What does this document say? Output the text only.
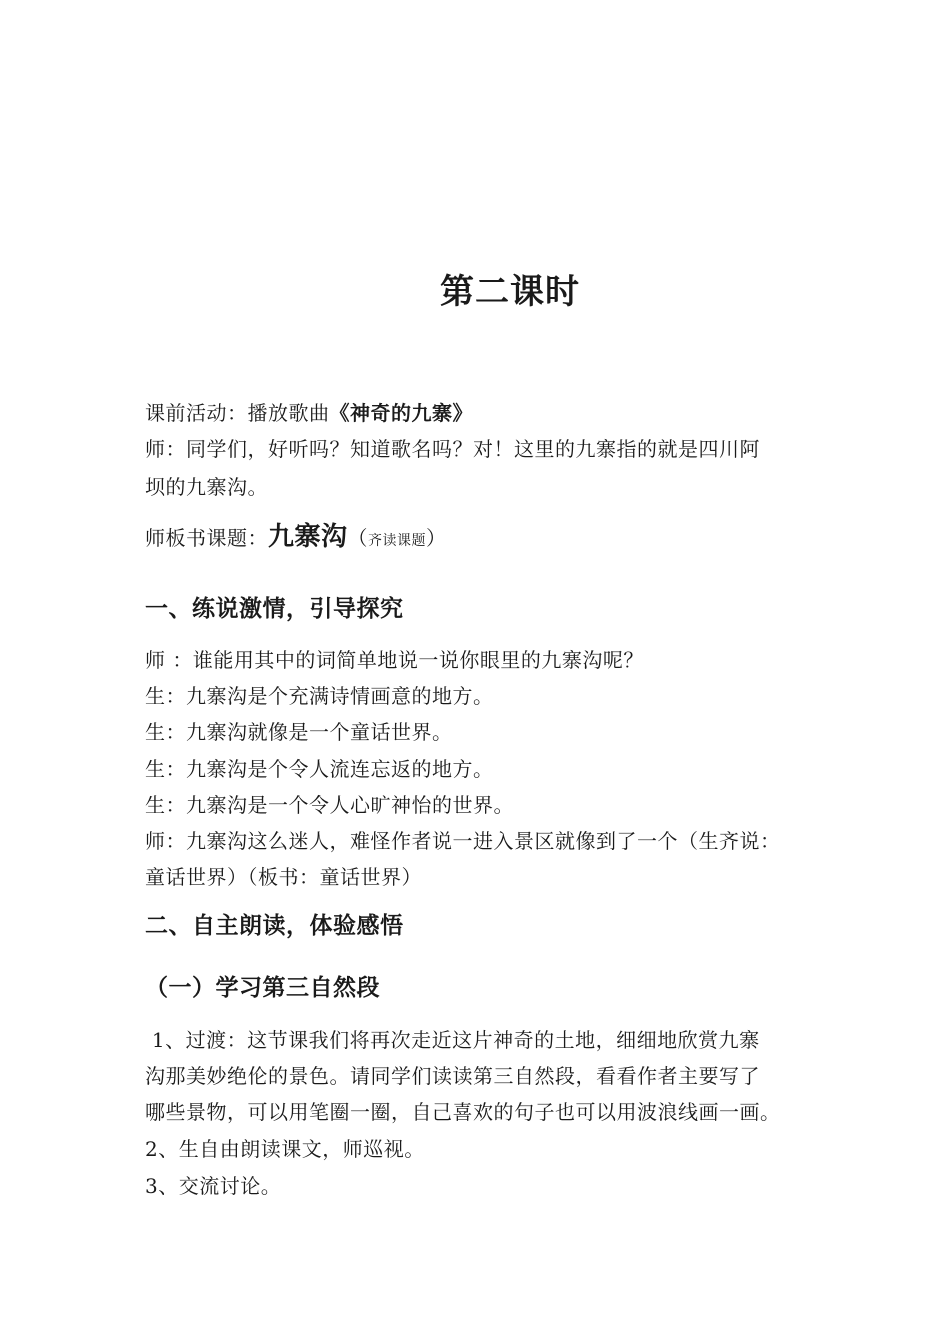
第二课时
课前活动：播放歌曲《神奇的九寨》
师：同学们，好听吗？知道歌名吗？对！这里的九寨指的就是四川阿
坝的九寨沟。
师板书课题：九寨沟（齐读课题）
一、练说激情，引导探究
师 ：谁能用其中的词简单地说一说你眼里的九寨沟呢？
生：九寨沟是个充满诗情画意的地方。
生：九寨沟就像是一个童话世界。
生：九寨沟是个令人流连忘返的地方。
生：九寨沟是一个令人心旷神怡的世界。
师：九寨沟这么迷人，难怪作者说一进入景区就像到了一个（生齐说：
童话世界）（板书：童话世界）
二、自主朗读，体验感悟
（一）学习第三自然段
1、过渡：这节课我们将再次走近这片神奇的土地，细细地欣赏九寨
沟那美妙绝伦的景色。请同学们读读第三自然段，看看作者主要写了
哪些景物，可以用笔圈一圈，自己喜欢的句子也可以用波浪线画一画。
2、生自由朗读课文，师巡视。
3、交流讨论。
